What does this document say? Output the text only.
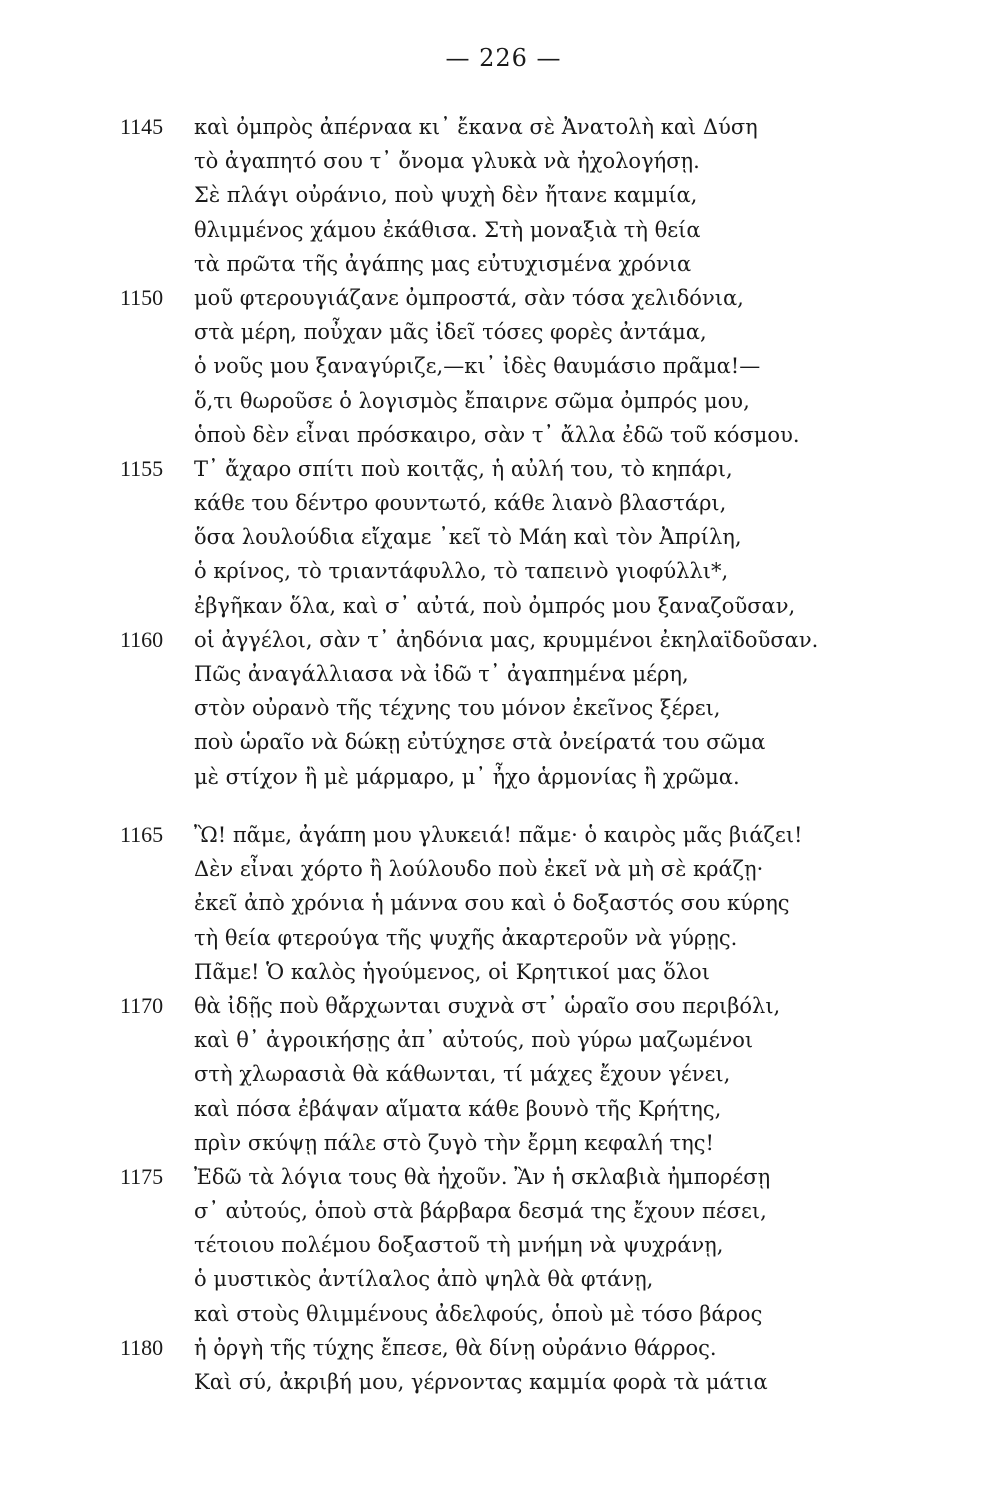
— 226 —
1145	καὶ ὀμπρὸς ἀπέρναα κι᾽ ἔκανα σὲ Ἀνατολὴ καὶ Δύση
τὸ ἀγαπητό σου τ᾽ ὄνομα γλυκὰ νὰ ἠχολογήσῃ.
Σὲ πλάγι οὐράνιο, ποὺ ψυχὴ δὲν ἤτανε καμμία,
θλιμμένος χάμου ἐκάθισα. Στὴ μοναξιὰ τὴ θεία
τὰ πρῶτα τῆς ἀγάπης μας εὐτυχισμένα χρόνια
1150	μοῦ φτερουγιάζανε ὀμπροστά, σὰν τόσα χελιδόνια,
στὰ μέρη, ποὖχαν μᾶς ἰδεῖ τόσες φορὲς ἀντάμα,
ὁ νοῦς μου ξαναγύριζε,—κι᾽ ἰδὲς θαυμάσιο πρᾶμα!—
ὅ,τι θωροῦσε ὁ λογισμὸς ἔπαιρνε σῶμα ὀμπρός μου,
ὁποὺ δὲν εἶναι πρόσκαιρο, σὰν τ᾽ ἄλλα ἐδῶ τοῦ κόσμου.
1155	Τ᾽ ἄχαρο σπίτι ποὺ κοιτᾷς, ἡ αὐλή του, τὸ κηπάρι,
κάθε του δέντρο φουντωτό, κάθε λιανὸ βλαστάρι,
ὅσα λουλούδια εἴχαμε ᾽κεῖ τὸ Μάη καὶ τὸν Ἀπρίλη,
ὁ κρίνος, τὸ τριαντάφυλλο, τὸ ταπεινὸ γιοφύλλι*,
ἐβγῆκαν ὅλα, καὶ σ᾽ αὐτά, ποὺ ὀμπρός μου ξαναζοῦσαν,
1160	οἱ ἀγγέλοι, σὰν τ᾽ ἀηδόνια μας, κρυμμένοι ἐκηλαϊδοῦσαν.
Πῶς ἀναγάλλιασα νὰ ἰδῶ τ᾽ ἀγαπημένα μέρη,
στὸν οὐρανὸ τῆς τέχνης του μόνον ἐκεῖνος ξέρει,
ποὺ ὡραῖο νὰ δώκῃ εὐτύχησε στὰ ὀνείρατά του σῶμα
μὲ στίχον ἢ μὲ μάρμαρο, μ᾽ ἦχο ἁρμονίας ἢ χρῶμα.
1165	Ὢ! πᾶμε, ἀγάπη μου γλυκειά! πᾶμε· ὁ καιρὸς μᾶς βιάζει!
Δὲν εἶναι χόρτο ἢ λούλουδο ποὺ ἐκεῖ νὰ μὴ σὲ κράζῃ·
ἐκεῖ ἀπὸ χρόνια ἡ μάννα σου καὶ ὁ δοξαστός σου κύρης
τὴ θεία φτερούγα τῆς ψυχῆς ἀκαρτεροῦν νὰ γύρῃς.
Πᾶμε! Ὁ καλὸς ἡγούμενος, οἱ Κρητικοί μας ὅλοι
1170	θὰ ἰδῇς ποὺ θἄρχωνται συχνὰ στ᾽ ὡραῖο σου περιβόλι,
καὶ θ᾽ ἀγροικήσῃς ἀπ᾽ αὐτούς, ποὺ γύρω μαζωμένοι
στὴ χλωρασιὰ θὰ κάθωνται, τί μάχες ἔχουν γένει,
καὶ πόσα ἐβάψαν αἵματα κάθε βουνὸ τῆς Κρήτης,
πρὶν σκύψῃ πάλε στὸ ζυγὸ τὴν ἔρμη κεφαλή της!
1175	Ἐδῶ τὰ λόγια τους θὰ ἠχοῦν. Ἂν ἡ σκλαβιὰ ἠμπορέσῃ
σ᾽ αὐτούς, ὁποὺ στὰ βάρβαρα δεσμά της ἔχουν πέσει,
τέτοιου πολέμου δοξαστοῦ τὴ μνήμη νὰ ψυχράνῃ,
ὁ μυστικὸς ἀντίλαλος ἀπὸ ψηλὰ θὰ φτάνῃ,
καὶ στοὺς θλιμμένους ἀδελφούς, ὁποὺ μὲ τόσο βάρος
1180	ἡ ὀργὴ τῆς τύχης ἔπεσε, θὰ δίνῃ οὐράνιο θάρρος.
Καὶ σύ, ἀκριβή μου, γέρνοντας καμμία φορὰ τὰ μάτια
